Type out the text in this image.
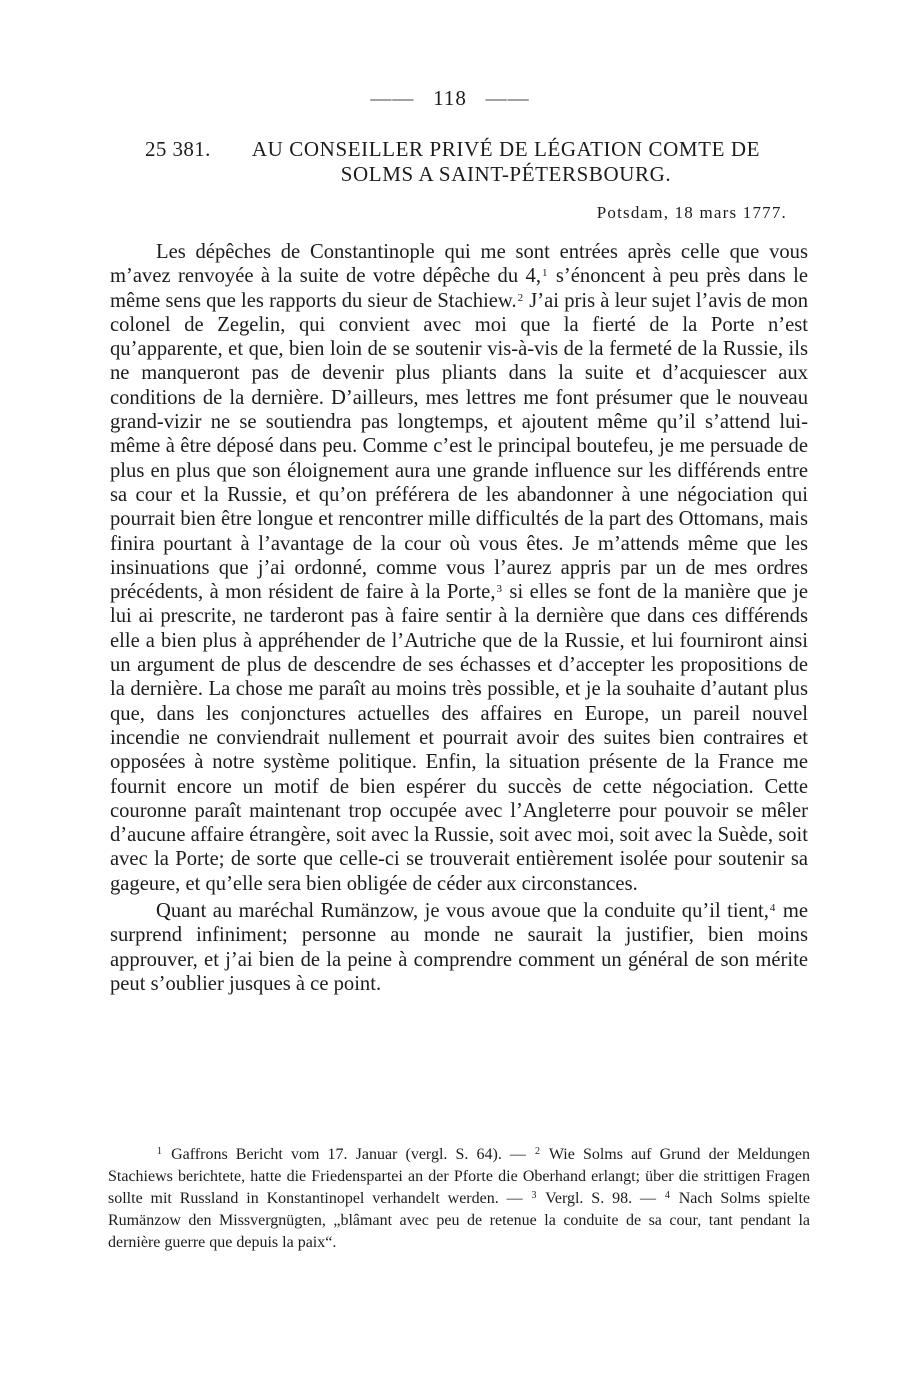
—— 118 ——
25 381.	AU CONSEILLER PRIVÉ DE LÉGATION COMTE DE SOLMS A SAINT-PÉTERSBOURG.
Potsdam, 18 mars 1777.

Les dépêches de Constantinople qui me sont entrées après celle que vous m’avez renvoyée à la suite de votre dépêche du 4,$^1$ s’énoncent à peu près dans le même sens que les rapports du sieur de Stachiew.$^2$ J’ai pris à leur sujet l’avis de mon colonel de Zegelin, qui convient avec moi que la fierté de la Porte n’est qu’apparente, et que, bien loin de se soutenir vis-à-vis de la fermeté de la Russie, ils ne manqueront pas de devenir plus pliants dans la suite et d’acquiescer aux conditions de la dernière. D’ailleurs, mes lettres me font présumer que le nouveau grand-vizir ne se soutiendra pas longtemps, et ajoutent même qu’il s’attend lui-même à être déposé dans peu. Comme c’est le principal boutefeu, je me persuade de plus en plus que son éloignement aura une grande influence sur les différends entre sa cour et la Russie, et qu’on préférera de les abandonner à une négociation qui pourrait bien être longue et rencontrer mille difficultés de la part des Ottomans, mais finira pourtant à l’avantage de la cour où vous êtes. Je m’attends même que les insinuations que j’ai ordonné, comme vous l’aurez appris par un de mes ordres précédents, à mon résident de faire à la Porte,$^3$ si elles se font de la manière que je lui ai prescrite, ne tarderont pas à faire sentir à la dernière que dans ces différends elle a bien plus à appréhender de l’Autriche que de la Russie, et lui fourniront ainsi un argument de plus de descendre de ses échasses et d’accepter les propositions de la dernière. La chose me paraît au moins très possible, et je la souhaite d’autant plus que, dans les conjonctures actuelles des affaires en Europe, un pareil nouvel incendie ne conviendrait nullement et pourrait avoir des suites bien contraires et opposées à notre système politique. Enfin, la situation présente de la France me fournit encore un motif de bien espérer du succès de cette négociation. Cette couronne paraît maintenant trop occupée avec l’Angleterre pour pouvoir se mêler d’aucune affaire étrangère, soit avec la Russie, soit avec moi, soit avec la Suède, soit avec la Porte; de sorte que celle-ci se trouverait entièrement isolée pour soutenir sa gageure, et qu’elle sera bien obligée de céder aux circonstances.

Quant au maréchal Rumänzow, je vous avoue que la conduite qu’il tient,$^4$ me surprend infiniment; personne au monde ne saurait la justifier, bien moins approuver, et j’ai bien de la peine à comprendre comment un général de son mérite peut s’oublier jusques à ce point.

$^1$ Gaffrons Bericht vom 17. Januar (vergl. S. 64). — $^2$ Wie Solms auf Grund der Meldungen Stachiews berichtete, hatte die Friedenspartei an der Pforte die Oberhand erlangt; über die strittigen Fragen sollte mit Russland in Konstantinopel verhandelt werden. — $^3$ Vergl. S. 98. — $^4$ Nach Solms spielte Rumänzow den Missvergnügten, „blâmant avec peu de retenue la conduite de sa cour, tant pendant la dernière guerre que depuis la paix“.
